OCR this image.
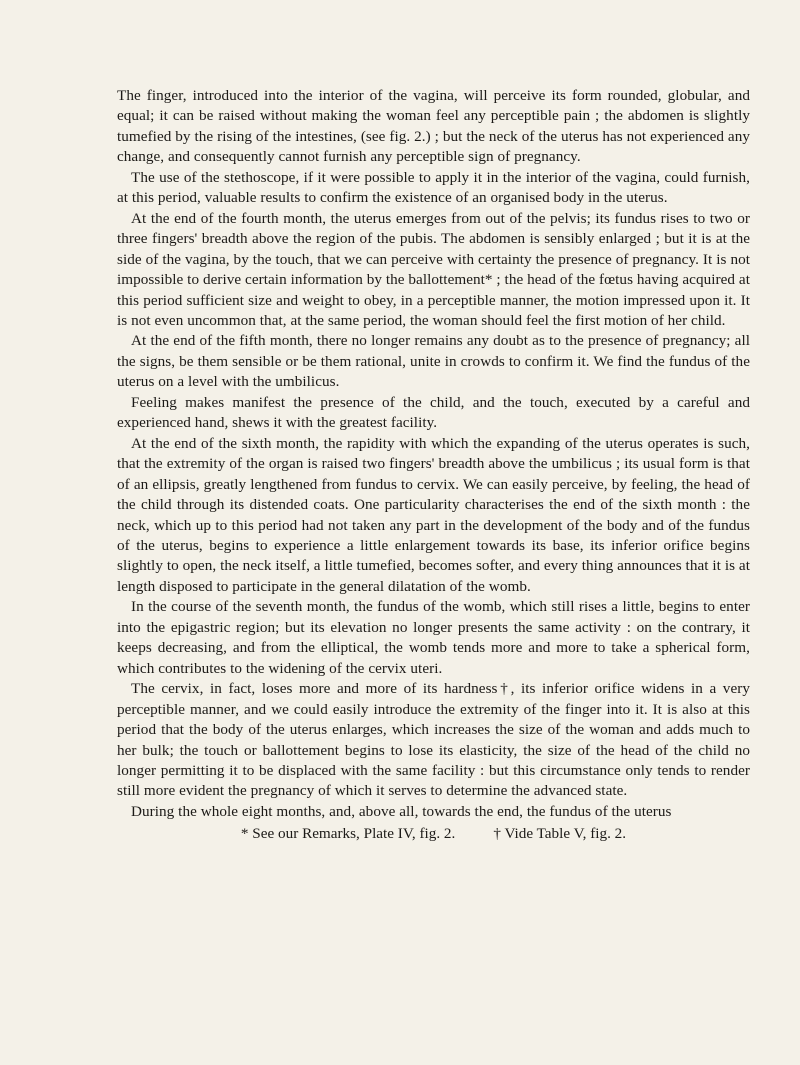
The finger, introduced into the interior of the vagina, will perceive its form rounded, globular, and equal; it can be raised without making the woman feel any perceptible pain ; the abdomen is slightly tumefied by the rising of the intestines, (see fig. 2.) ; but the neck of the uterus has not experienced any change, and consequently cannot furnish any perceptible sign of pregnancy.

The use of the stethoscope, if it were possible to apply it in the interior of the vagina, could furnish, at this period, valuable results to confirm the existence of an organised body in the uterus.

At the end of the fourth month, the uterus emerges from out of the pelvis; its fundus rises to two or three fingers' breadth above the region of the pubis. The abdomen is sensibly enlarged ; but it is at the side of the vagina, by the touch, that we can perceive with certainty the presence of pregnancy. It is not impossible to derive certain information by the ballottement* ; the head of the fœtus having acquired at this period sufficient size and weight to obey, in a perceptible manner, the motion impressed upon it. It is not even uncommon that, at the same period, the woman should feel the first motion of her child.

At the end of the fifth month, there no longer remains any doubt as to the presence of pregnancy; all the signs, be them sensible or be them rational, unite in crowds to confirm it. We find the fundus of the uterus on a level with the umbilicus.

Feeling makes manifest the presence of the child, and the touch, executed by a careful and experienced hand, shews it with the greatest facility.

At the end of the sixth month, the rapidity with which the expanding of the uterus operates is such, that the extremity of the organ is raised two fingers' breadth above the umbilicus ; its usual form is that of an ellipsis, greatly lengthened from fundus to cervix. We can easily perceive, by feeling, the head of the child through its distended coats. One particularity characterises the end of the sixth month : the neck, which up to this period had not taken any part in the development of the body and of the fundus of the uterus, begins to experience a little enlargement towards its base, its inferior orifice begins slightly to open, the neck itself, a little tumefied, becomes softer, and every thing announces that it is at length disposed to participate in the general dilatation of the womb.

In the course of the seventh month, the fundus of the womb, which still rises a little, begins to enter into the epigastric region; but its elevation no longer presents the same activity : on the contrary, it keeps decreasing, and from the elliptical, the womb tends more and more to take a spherical form, which contributes to the widening of the cervix uteri.

The cervix, in fact, loses more and more of its hardness†, its inferior orifice widens in a very perceptible manner, and we could easily introduce the extremity of the finger into it. It is also at this period that the body of the uterus enlarges, which increases the size of the woman and adds much to her bulk; the touch or ballottement begins to lose its elasticity, the size of the head of the child no longer permitting it to be displaced with the same facility : but this circumstance only tends to render still more evident the pregnancy of which it serves to determine the advanced state.

During the whole eight months, and, above all, towards the end, the fundus of the uterus

* See our Remarks, Plate IV, fig. 2.	† Vide Table V, fig. 2.
